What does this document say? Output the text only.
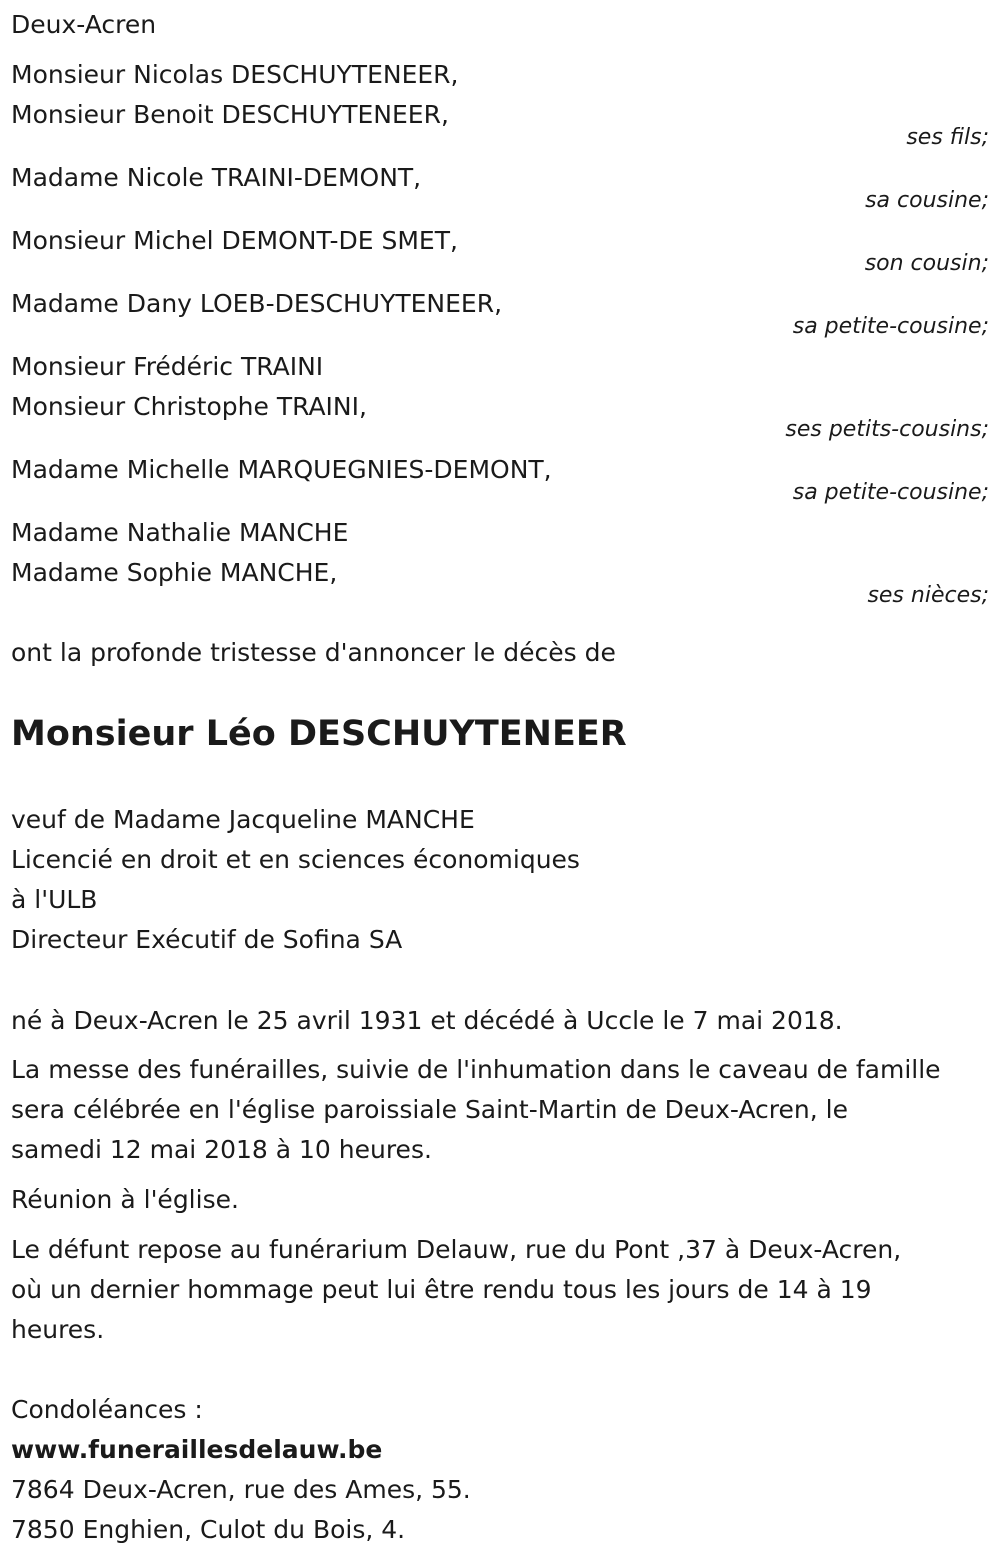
Deux-Acren
Monsieur Nicolas DESCHUYTENEER,
Monsieur Benoit DESCHUYTENEER,
ses fils;
Madame Nicole TRAINI-DEMONT,
sa cousine;
Monsieur Michel DEMONT-DE SMET,
son cousin;
Madame Dany LOEB-DESCHUYTENEER,
sa petite-cousine;
Monsieur Frédéric TRAINI
Monsieur Christophe TRAINI,
ses petits-cousins;
Madame Michelle MARQUEGNIES-DEMONT,
sa petite-cousine;
Madame Nathalie MANCHE
Madame Sophie MANCHE,
ses nièces;
ont la profonde tristesse d'annoncer le décès de
Monsieur Léo DESCHUYTENEER
veuf de Madame Jacqueline MANCHE
Licencié en droit et en sciences économiques
à l'ULB
Directeur Exécutif de Sofina SA
né à Deux-Acren le 25 avril 1931 et décédé à Uccle le 7 mai 2018.
La messe des funérailles, suivie de l'inhumation dans le caveau de famille
sera célébrée en l'église paroissiale Saint-Martin de Deux-Acren, le
samedi 12 mai 2018 à 10 heures.
Réunion à l'église.
Le défunt repose au funérarium Delauw, rue du Pont ,37 à Deux-Acren,
où un dernier hommage peut lui être rendu tous les jours de 14 à 19
heures.
Condoléances :
www.funeraillesdelauw.be
7864 Deux-Acren, rue des Ames, 55.
7850 Enghien, Culot du Bois, 4.
